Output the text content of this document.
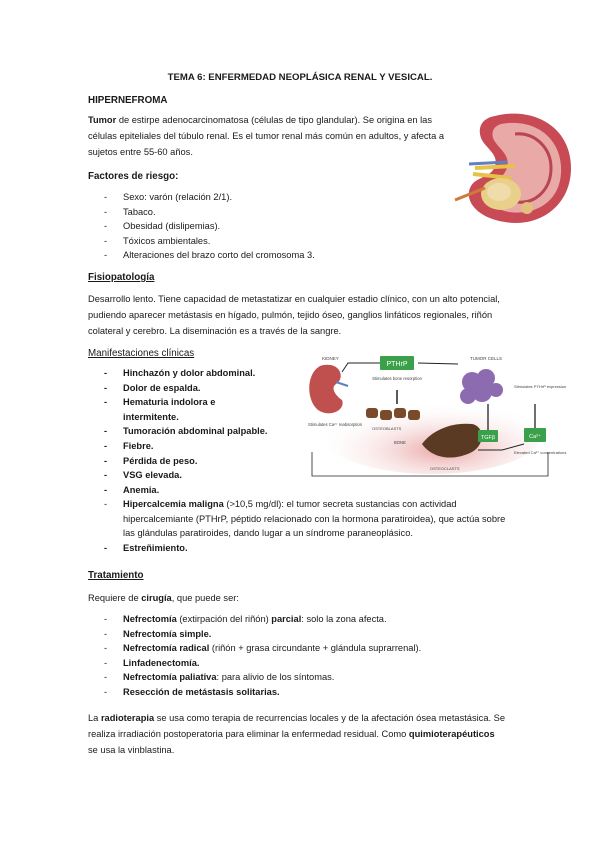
TEMA 6: ENFERMEDAD NEOPLÁSICA RENAL Y VESICAL.
HIPERNEFROMA
Tumor de estirpe adenocarcinomatosa (células de tipo glandular). Se origina en las células epiteliales del túbulo renal. Es el tumor renal más común en adultos, y afecta a sujetos entre 55-60 años.
Factores de riesgo:
- Sexo: varón (relación 2/1).
- Tabaco.
- Obesidad (dislipemias).
- Tóxicos ambientales.
- Alteraciones del brazo corto del cromosoma 3.
Fisiopatología
Desarrollo lento. Tiene capacidad de metastatizar en cualquier estadio clínico, con un alto potencial, pudiendo aparecer metástasis en hígado, pulmón, tejido óseo, ganglios linfáticos regionales, riñón colateral y cerebro. La diseminación es a través de la sangre.
Manifestaciones clínicas
- Hinchazón y dolor abdominal.
- Dolor de espalda.
- Hematuria indolora e
intermitente.
- Tumoración abdominal palpable.
- Fiebre.
- Pérdida de peso.
- VSG elevada.
- Anemia.
-	Hipercalcemia maligna (>10,5 mg/dl): el tumor secreta sustancias con actividad hipercalcemiante (PTHrP, péptido relacionado con la hormona paratiroidea), que actúa sobre las glándulas paratiroides, dando lugar a un síndrome paraneoplásico.
- Estreñimiento.
KIDNEY
Stimulates Ca²⁺ reabsorption
PTHrP
Stimulates bone resorption
TUMOR CELLS
Stimulates PTHrP expression
OSTEOBLASTS
BONE
OSTEOCLASTS
TGFβ	Ca²⁺
Elevated Ca²⁺ concentrations
Tratamiento
Requiere de cirugía, que puede ser:
- Nefrectomía (extirpación del riñón) parcial: solo la zona afecta.
- Nefrectomía simple.
- Nefrectomía radical (riñón + grasa circundante + glándula suprarrenal).
- Linfadenectomía.
- Nefrectomía paliativa: para alivio de los síntomas.
- Resección de metástasis solitarias.
La radioterapia se usa como terapia de recurrencias locales y de la afectación ósea metastásica. Se realiza irradiación postoperatoria para eliminar la enfermedad residual. Como quimioterapéuticos se usa la vinblastina.
